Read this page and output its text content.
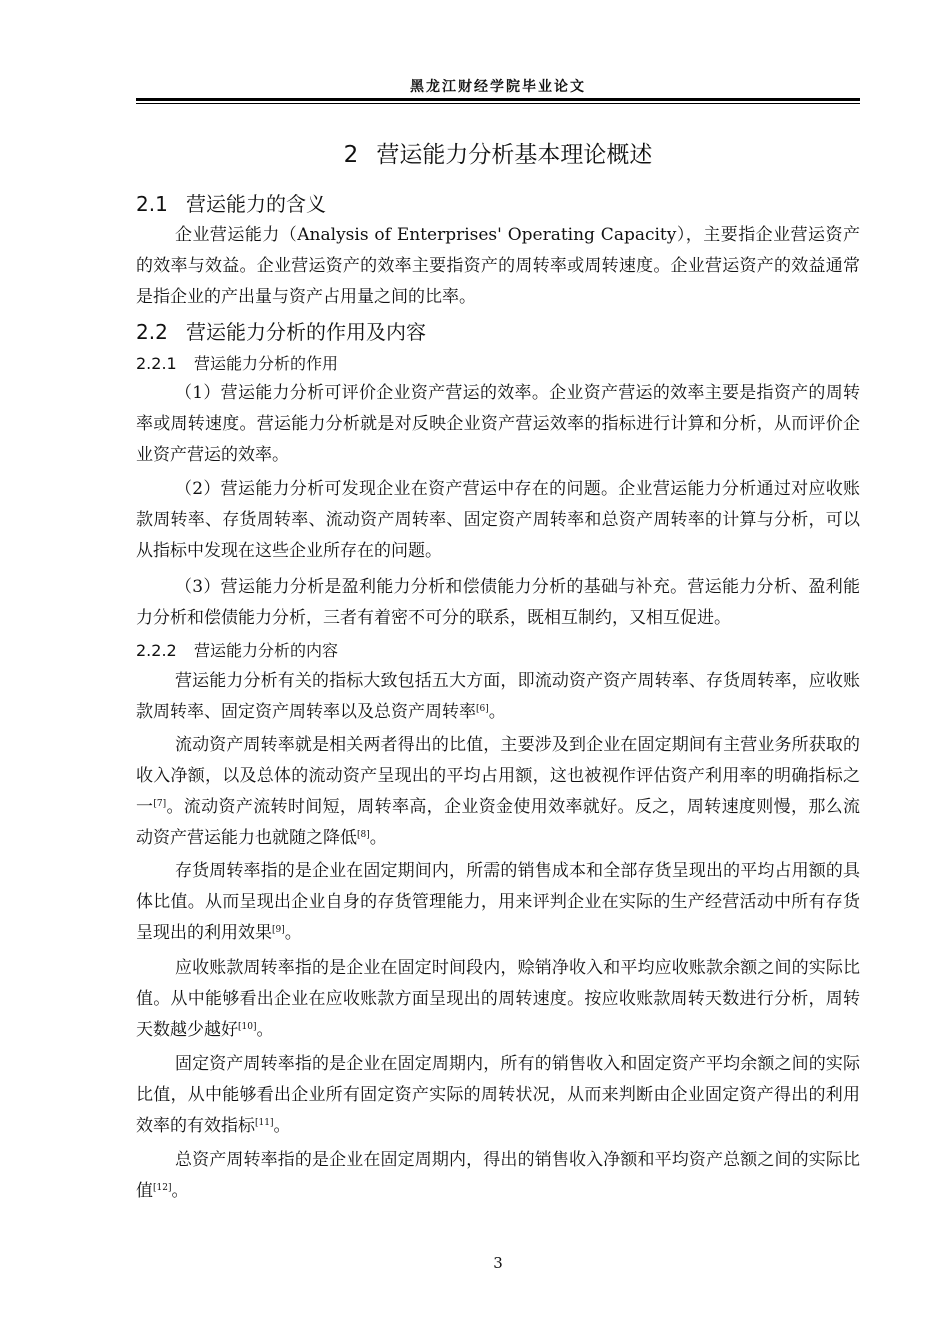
黑龙江财经学院毕业论文
2 营运能力分析基本理论概述
2.1 营运能力的含义

企业营运能力（Analysis of Enterprises' Operating Capacity），主要指企业营运资产的效率与效益。企业营运资产的效率主要指资产的周转率或周转速度。企业营运资产的效益通常是指企业的产出量与资产占用量之间的比率。

2.2 营运能力分析的作用及内容
2.2.1 营运能力分析的作用

（1）营运能力分析可评价企业资产营运的效率。企业资产营运的效率主要是指资产的周转率或周转速度。营运能力分析就是对反映企业资产营运效率的指标进行计算和分析，从而评价企业资产营运的效率。

（2）营运能力分析可发现企业在资产营运中存在的问题。企业营运能力分析通过对应收账款周转率、存货周转率、流动资产周转率、固定资产周转率和总资产周转率的计算与分析，可以从指标中发现在这些企业所存在的问题。

（3）营运能力分析是盈利能力分析和偿债能力分析的基础与补充。营运能力分析、盈利能力分析和偿债能力分析，三者有着密不可分的联系，既相互制约，又相互促进。

2.2.2 营运能力分析的内容

营运能力分析有关的指标大致包括五大方面，即流动资产资产周转率、存货周转率，应收账款周转率、固定资产周转率以及总资产周转率[6]。

流动资产周转率就是相关两者得出的比值，主要涉及到企业在固定期间有主营业务所获取的收入净额，以及总体的流动资产呈现出的平均占用额，这也被视作评估资产利用率的明确指标之一[7]。流动资产流转时间短，周转率高，企业资金使用效率就好。反之，周转速度则慢，那么流动资产营运能力也就随之降低[8]。

存货周转率指的是企业在固定期间内，所需的销售成本和全部存货呈现出的平均占用额的具体比值。从而呈现出企业自身的存货管理能力，用来评判企业在实际的生产经营活动中所有存货呈现出的利用效果[9]。

应收账款周转率指的是企业在固定时间段内，赊销净收入和平均应收账款余额之间的实际比值。从中能够看出企业在应收账款方面呈现出的周转速度。按应收账款周转天数进行分析，周转天数越少越好[10]。

固定资产周转率指的是企业在固定周期内，所有的销售收入和固定资产平均余额之间的实际比值，从中能够看出企业所有固定资产实际的周转状况，从而来判断由企业固定资产得出的利用效率的有效指标[11]。

总资产周转率指的是企业在固定周期内，得出的销售收入净额和平均资产总额之间的实际比值[12]。

3
